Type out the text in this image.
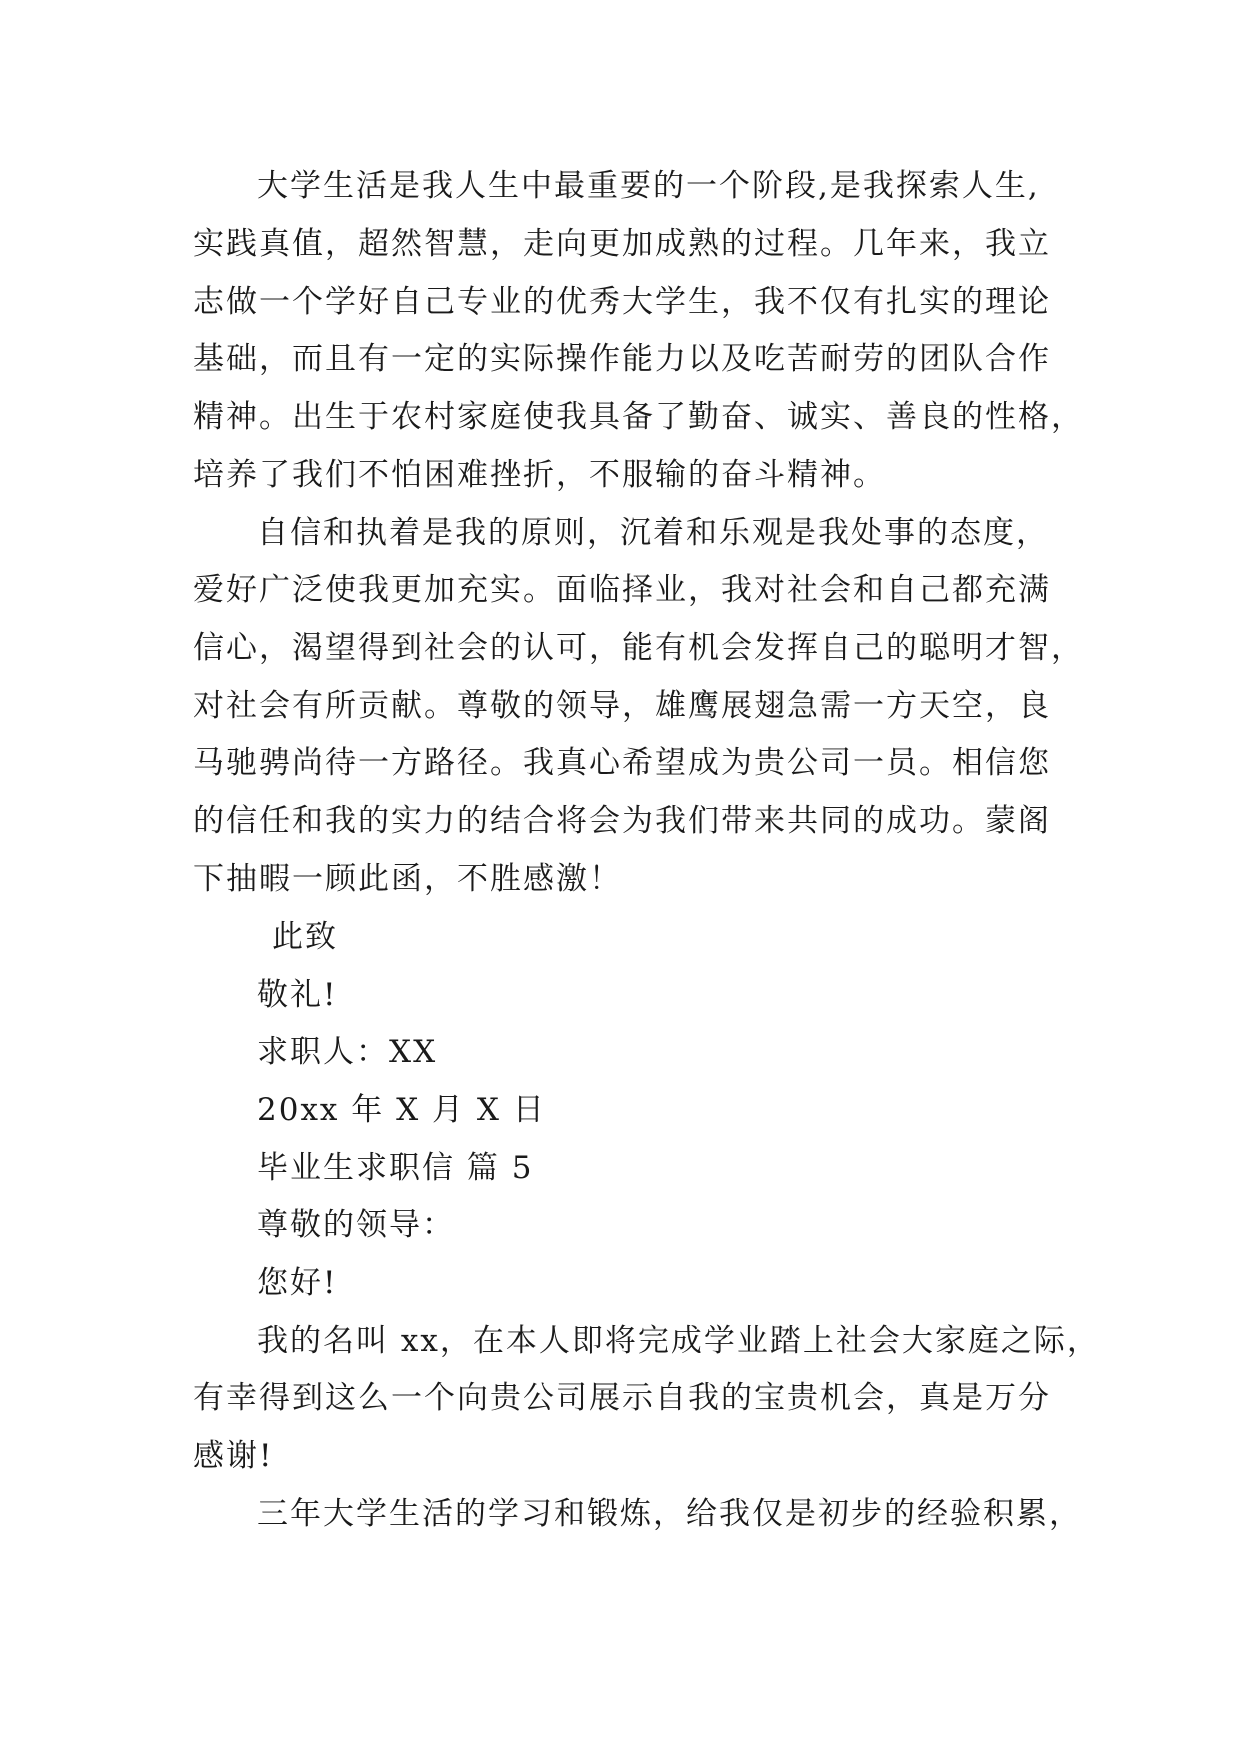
大学生活是我人生中最重要的一个阶段,是我探索人生,
实践真值，超然智慧，走向更加成熟的过程。几年来，我立
志做一个学好自己专业的优秀大学生，我不仅有扎实的理论
基础，而且有一定的实际操作能力以及吃苦耐劳的团队合作
精神。出生于农村家庭使我具备了勤奋、诚实、善良的性格，
培养了我们不怕困难挫折，不服输的奋斗精神。
自信和执着是我的原则，沉着和乐观是我处事的态度，
爱好广泛使我更加充实。面临择业，我对社会和自己都充满
信心，渴望得到社会的认可，能有机会发挥自己的聪明才智，
对社会有所贡献。尊敬的领导，雄鹰展翅急需一方天空，良
马驰骋尚待一方路径。我真心希望成为贵公司一员。相信您
的信任和我的实力的结合将会为我们带来共同的成功。蒙阁
下抽暇一顾此函，不胜感激！
此致
敬礼!
求职人：XX
20xx 年 X 月 X 日
毕业生求职信 篇 5
尊敬的领导：
您好!
我的名叫 xx，在本人即将完成学业踏上社会大家庭之际，
有幸得到这么一个向贵公司展示自我的宝贵机会，真是万分
感谢!
三年大学生活的学习和锻炼，给我仅是初步的经验积累，
